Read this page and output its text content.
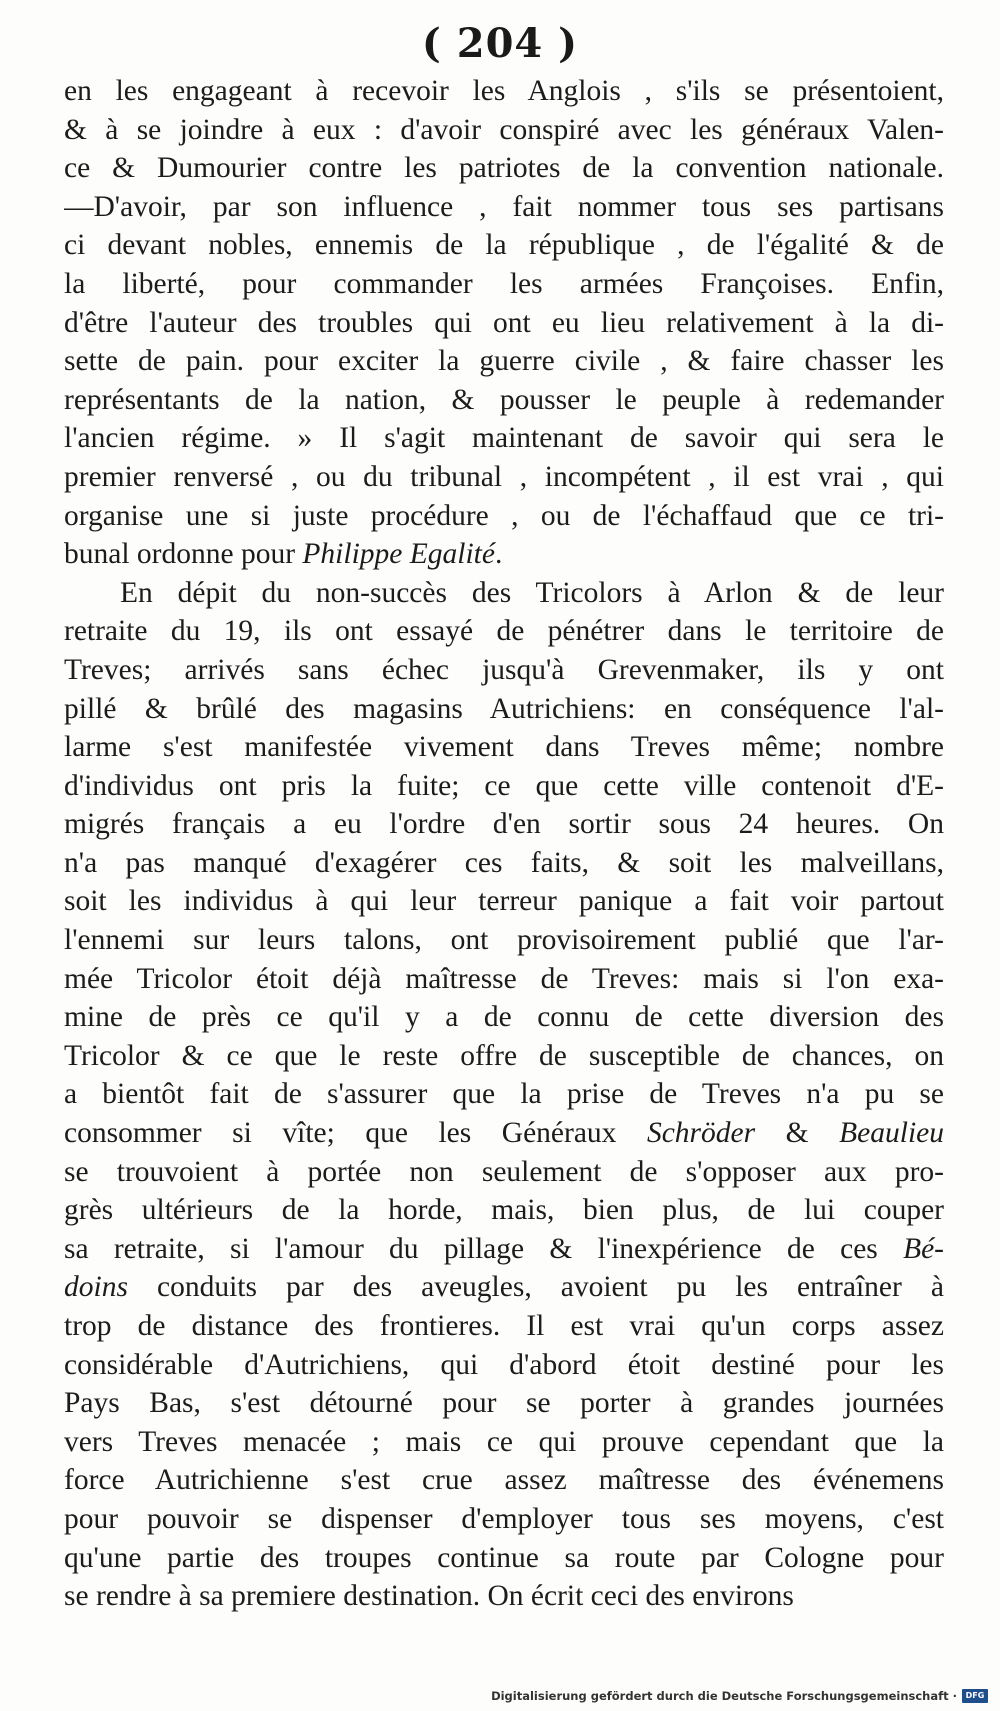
( 204 )
en les engageant à recevoir les Anglois , s'ils se présentoient,
& à se joindre à eux : d'avoir conspiré avec les généraux Valen-
ce & Dumourier contre les patriotes de la convention nationale.
—D'avoir, par son influence , fait nommer tous ses partisans
ci devant nobles, ennemis de la république , de l'égalité & de
la liberté, pour commander les armées Françoises. Enfin,
d'être l'auteur des troubles qui ont eu lieu relativement à la di-
sette de pain. pour exciter la guerre civile , & faire chasser les
représentants de la nation, & pousser le peuple à redemander
l'ancien régime. » Il s'agit maintenant de savoir qui sera le
premier renversé , ou du tribunal , incompétent , il est vrai , qui
organise une si juste procédure , ou de l'échaffaud que ce tri-
bunal ordonne pour Philippe Egalité.
En dépit du non-succès des Tricolors à Arlon & de leur
retraite du 19, ils ont essayé de pénétrer dans le territoire de
Treves; arrivés sans échec jusqu'à Grevenmaker, ils y ont
pillé & brûlé des magasins Autrichiens: en conséquence l'al-
larme s'est manifestée vivement dans Treves même; nombre
d'individus ont pris la fuite; ce que cette ville contenoit d'E-
migrés français a eu l'ordre d'en sortir sous 24 heures. On
n'a pas manqué d'exagérer ces faits, & soit les malveillans,
soit les individus à qui leur terreur panique a fait voir partout
l'ennemi sur leurs talons, ont provisoirement publié que l'ar-
mée Tricolor étoit déjà maîtresse de Treves: mais si l'on exa-
mine de près ce qu'il y a de connu de cette diversion des
Tricolor & ce que le reste offre de susceptible de chances, on
a bientôt fait de s'assurer que la prise de Treves n'a pu se
consommer si vîte; que les Généraux Schröder & Beaulieu
se trouvoient à portée non seulement de s'opposer aux pro-
grès ultérieurs de la horde, mais, bien plus, de lui couper
sa retraite, si l'amour du pillage & l'inexpérience de ces Bé-
doins conduits par des aveugles, avoient pu les entraîner à
trop de distance des frontieres. Il est vrai qu'un corps assez
considérable d'Autrichiens, qui d'abord étoit destiné pour les
Pays Bas, s'est détourné pour se porter à grandes journées
vers Treves menacée ; mais ce qui prouve cependant que la
force Autrichienne s'est crue assez maîtresse des événemens
pour pouvoir se dispenser d'employer tous ses moyens, c'est
qu'une partie des troupes continue sa route par Cologne pour
se rendre à sa premiere destination. On écrit ceci des environs
Digitalisierung gefördert durch die Deutsche Forschungsgemeinschaft ·	DFG
